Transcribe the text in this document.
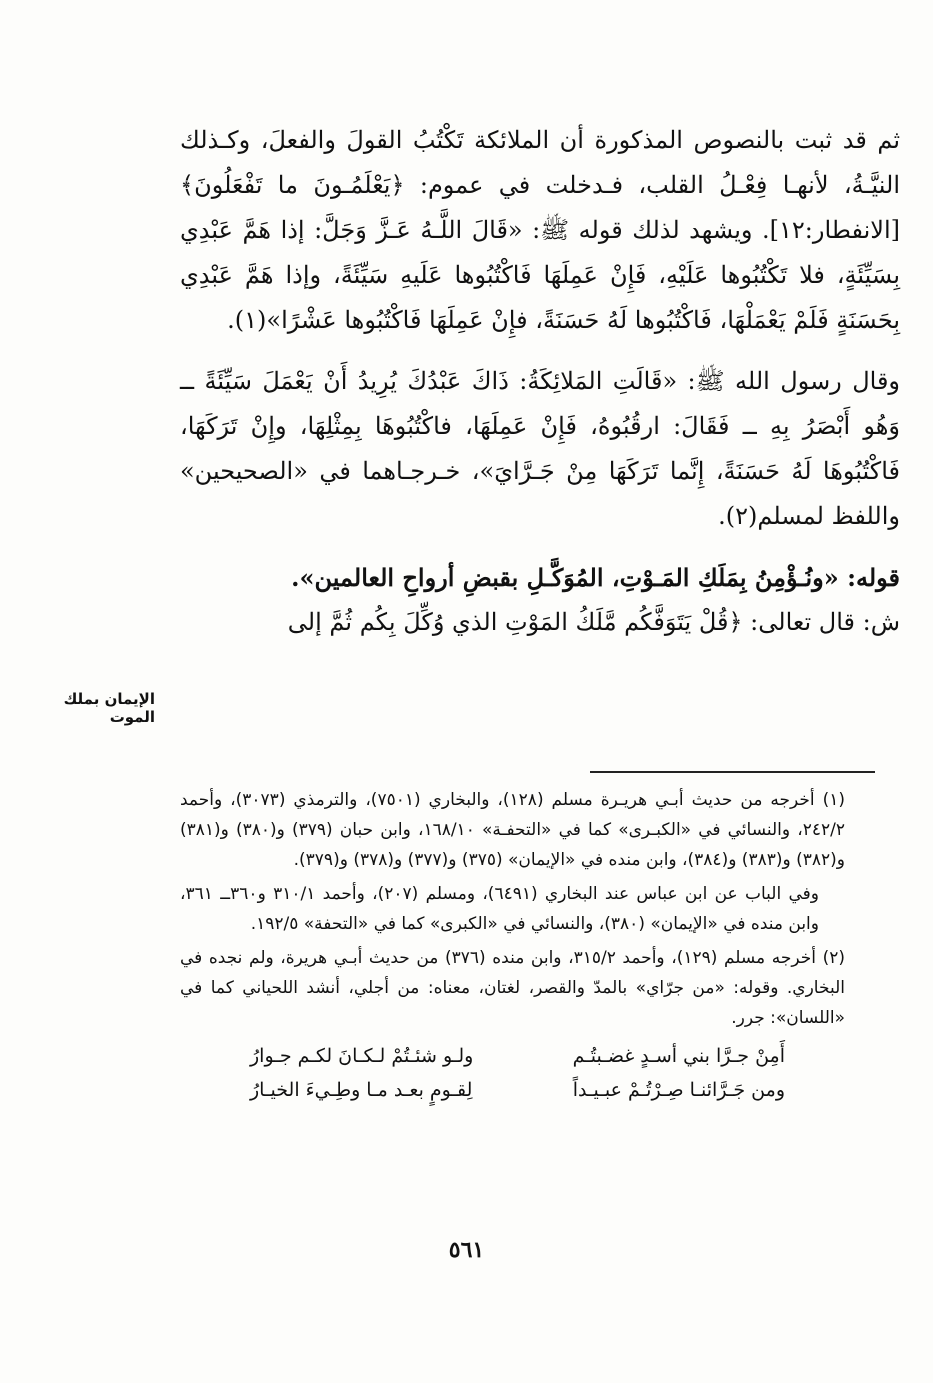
ثم قد ثبت بالنصوص المذكورة أن الملائكة تَكْتُبُ القولَ والفعلَ، وكـذلك النيَّـةُ، لأنهـا فِعْـلُ القلب، فـدخلت في عموم: ﴿يَعْلَمُـونَ ما تَفْعَلُونَ﴾ [الانفطار:١٢]. ويشهد لذلك قوله ﷺ: «قَالَ اللَّـهُ عَـزَّ وَجَلَّ: إذا هَمَّ عَبْدِي بِسَيِّئَةٍ، فلا تَكْتُبُوها عَلَيْهِ، فَإِنْ عَمِلَهَا فَاكْتُبُوها عَلَيهِ سَيِّئَةً، وإذا هَمَّ عَبْدِي بِحَسَنَةٍ فَلَمْ يَعْمَلْهَا، فَاكْتُبُوها لَهُ حَسَنَةً، فإِنْ عَمِلَهَا فَاكْتُبُوها عَشْرًا»(١).

وقال رسول الله ﷺ: «قَالَتِ المَلائِكَةُ: ذَاكَ عَبْدُكَ يُرِيدُ أَنْ يَعْمَلَ سَيِّئَةً ــ وَهُو أَبْصَرُ بِهِ ــ فَقَالَ: ارقُبُوهُ، فَإِنْ عَمِلَهَا، فاكْتُبُوهَا بِمِثْلِهَا، وإِنْ تَرَكَهَا، فَاكْتُبُوهَا لَهُ حَسَنَةً، إِنَّما تَرَكَهَا مِنْ جَـرَّايَ»، خـرجـاهما في «الصحيحين» واللفظ لمسلم(٢).

قوله: «ونُـؤْمِنُ بِمَلَكِ المَـوْتِ، المُوَكَّـلِ بقبضِ أرواحِ العالمين».

ش: قال تعالى: ﴿قُلْ يَتَوَفَّكُم مَّلَكُ المَوْتِ الذي وُكِّلَ بِكُم ثُمَّ إلى

الإيمان بملك الموت

(١) أخرجه من حديث أبـي هريـرة مسلم (١٢٨)، والبخاري (٧٥٠١)، والترمذي (٣٠٧٣)، وأحمد ٢٤٢/٢، والنسائي في «الكبـرى» كما في «التحفـة» ١٦٨/١٠، وابن حبان (٣٧٩) و(٣٨٠) و(٣٨١) و(٣٨٢) و(٣٨٣) و(٣٨٤)، وابن منده في «الإيمان» (٣٧٥) و(٣٧٧) و(٣٧٨) و(٣٧٩).

وفي الباب عن ابن عباس عند البخاري (٦٤٩١)، ومسلم (٢٠٧)، وأحمد ٣١٠/١ و٣٦٠ــ ٣٦١، وابن منده في «الإيمان» (٣٨٠)، والنسائي في «الكبرى» كما في «التحفة» ١٩٢/٥.

(٢) أخرجه مسلم (١٢٩)، وأحمد ٣١٥/٢، وابن منده (٣٧٦) من حديث أبـي هريرة، ولم نجده في البخاري. وقوله: «من جرّاي» بالمدّ والقصر، لغتان، معناه: من أجلي، أنشد اللحياني كما في «اللسان»: جرر.

أَمِنْ جـرَّا بني أسـدٍ غضـبتُـم
ولـو شئـتُمْ لـكـانَ لكـم جـوارُ
ومن جَـرَّائنـا صِـرْتُـمْ عبـيـداً
لِقـومٍ بعـد مـا وطِـيءَ الخيـارُ
٥٦١
